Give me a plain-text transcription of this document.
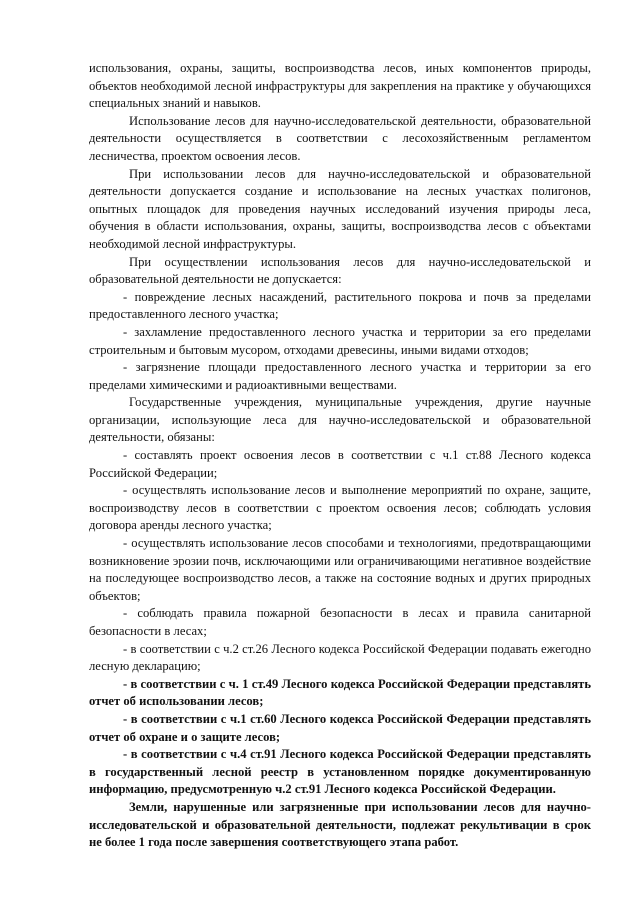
использования, охраны, защиты, воспроизводства лесов, иных компонентов природы, объектов необходимой лесной инфраструктуры для закрепления на практике у обучающихся специальных знаний и навыков.

Использование лесов для научно-исследовательской деятельности, образовательной деятельности осуществляется в соответствии с лесохозяйственным регламентом лесничества, проектом освоения лесов.

При использовании лесов для научно-исследовательской и образовательной деятельности допускается создание и использование на лесных участках полигонов, опытных площадок для проведения научных исследований изучения природы леса, обучения в области использования, охраны, защиты, воспроизводства лесов с объектами необходимой лесной инфраструктуры.

При осуществлении использования лесов для научно-исследовательской и образовательной деятельности не допускается:

- повреждение лесных насаждений, растительного покрова и почв за пределами предоставленного лесного участка;

- захламление предоставленного лесного участка и территории за его пределами строительным и бытовым мусором, отходами древесины, иными видами отходов;

- загрязнение площади предоставленного лесного участка и территории за его пределами химическими и радиоактивными веществами.

Государственные учреждения, муниципальные учреждения, другие научные организации, использующие леса для научно-исследовательской и образовательной деятельности, обязаны:

- составлять проект освоения лесов в соответствии с ч.1 ст.88 Лесного кодекса Российской Федерации;

- осуществлять использование лесов и выполнение мероприятий по охране, защите, воспроизводству лесов в соответствии с проектом освоения лесов; соблюдать условия договора аренды лесного участка;

- осуществлять использование лесов способами и технологиями, предотвращающими возникновение эрозии почв, исключающими или ограничивающими негативное воздействие на последующее воспроизводство лесов, а также на состояние водных и других природных объектов;

- соблюдать правила пожарной безопасности в лесах и правила санитарной безопасности в лесах;

- в соответствии с ч.2 ст.26 Лесного кодекса Российской Федерации подавать ежегодно лесную декларацию;

- в соответствии с ч. 1 ст.49 Лесного кодекса Российской Федерации представлять отчет об использовании лесов;

- в соответствии с ч.1 ст.60 Лесного кодекса Российской Федерации представлять отчет об охране и о защите лесов;

- в соответствии с ч.4 ст.91 Лесного кодекса Российской Федерации представлять в государственный лесной реестр в установленном порядке документированную информацию, предусмотренную ч.2 ст.91 Лесного кодекса Российской Федерации.

Земли, нарушенные или загрязненные при использовании лесов для научно-исследовательской и образовательной деятельности, подлежат рекультивации в срок не более 1 года после завершения соответствующего этапа работ.
